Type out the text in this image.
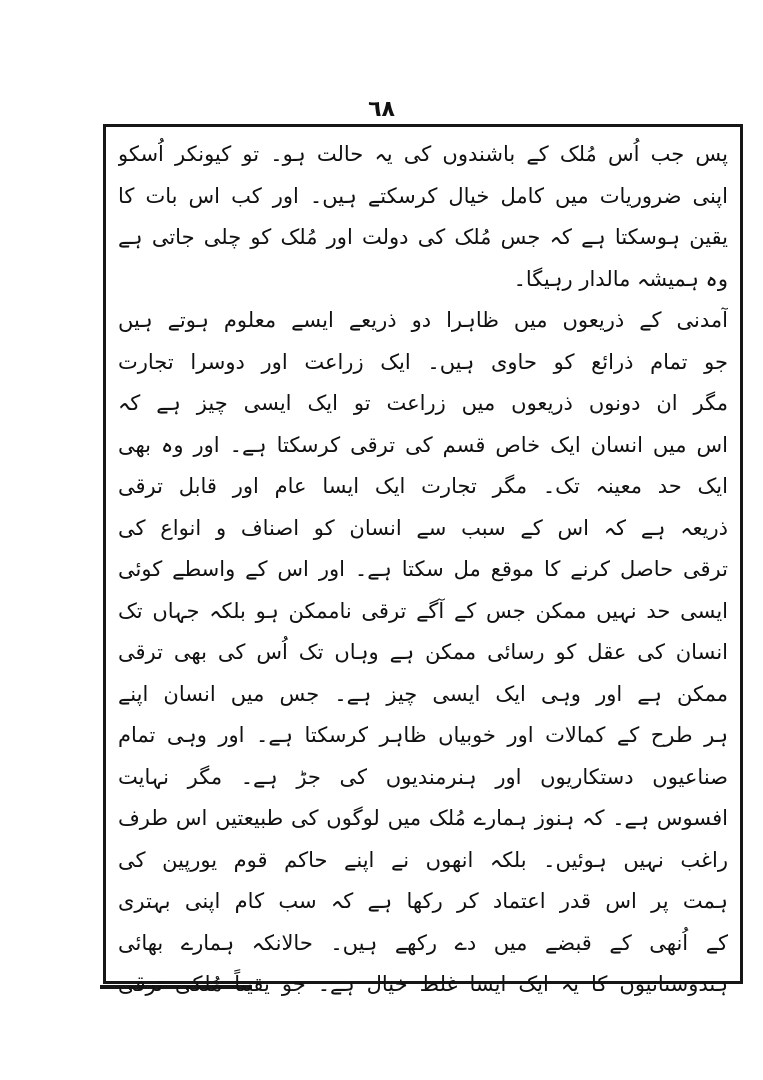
٦٨
پس جب اُس مُلک کے باشندوں کی یہ حالت ہو۔ تو کیونکر اُسکو
اپنی ضروریات میں کامل خیال کرسکتے ہیں۔ اور کب اس بات کا
یقین ہوسکتا ہے کہ جس مُلک کی دولت اور مُلک کو چلی جاتی ہے
وہ ہمیشہ مالدار رہیگا۔
آمدنی کے ذریعوں میں ظاہرا دو ذریعے ایسے معلوم ہوتے ہیں
جو تمام ذرائع کو حاوی ہیں۔ ایک زراعت اور دوسرا تجارت
مگر ان دونوں ذریعوں میں زراعت تو ایک ایسی چیز ہے کہ
اس میں انسان ایک خاص قسم کی ترقی کرسکتا ہے۔ اور وہ بھی
ایک حد معینہ تک۔ مگر تجارت ایک ایسا عام اور قابل ترقی
ذریعہ ہے کہ اس کے سبب سے انسان کو اصناف و انواع کی
ترقی حاصل کرنے کا موقع مل سکتا ہے۔ اور اس کے واسطے کوئی
ایسی حد نہیں ممکن جس کے آگے ترقی ناممکن ہو بلکہ جہاں تک
انسان کی عقل کو رسائی ممکن ہے وہاں تک اُس کی بھی ترقی
ممکن ہے اور وہی ایک ایسی چیز ہے۔ جس میں انسان اپنے
ہر طرح کے کمالات اور خوبیاں ظاہر کرسکتا ہے۔ اور وہی تمام
صناعیوں دستکاریوں اور ہنرمندیوں کی جڑ ہے۔ مگر نہایت
افسوس ہے۔ کہ ہنوز ہمارے مُلک میں لوگوں کی طبیعتیں اس طرف
راغب نہیں ہوئیں۔ بلکہ انھوں نے اپنے حاکم قوم یورپین کی
ہمت پر اس قدر اعتماد کر رکھا ہے کہ سب کام اپنی بہتری
کے اُنھی کے قبضے میں دے رکھے ہیں۔ حالانکہ ہمارے بھائی
ہندوستانیوں کا یہ ایک ایسا غلط خیال ہے۔ جو یقیناً مُلکی ترقی
